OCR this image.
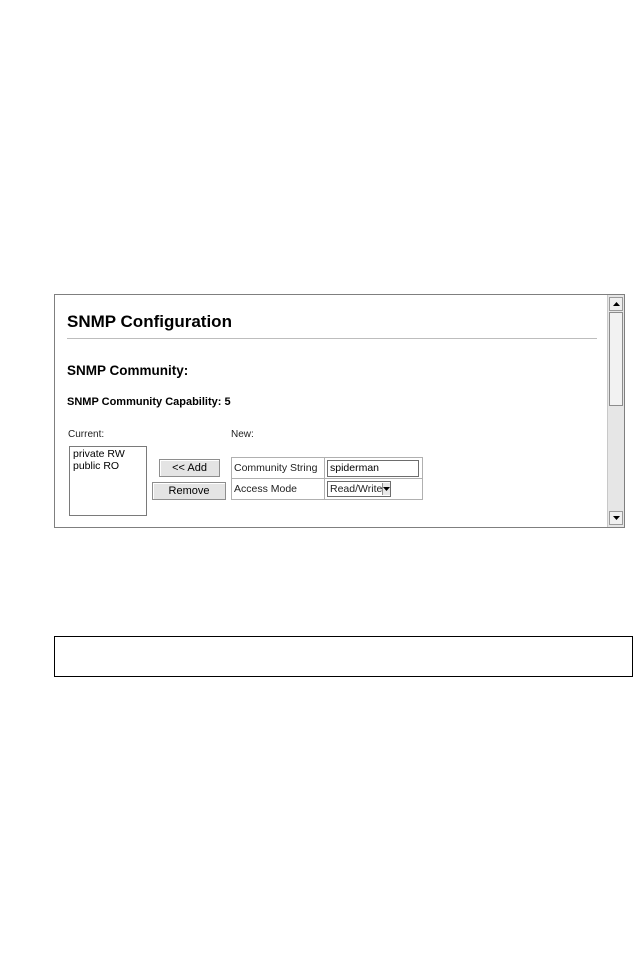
SNMP Configuration
SNMP Community:
SNMP Community Capability: 5
Current:	New:
private RW
public RO	<< Add
Remove
Community String	spiderman
Access Mode	Read/Write
